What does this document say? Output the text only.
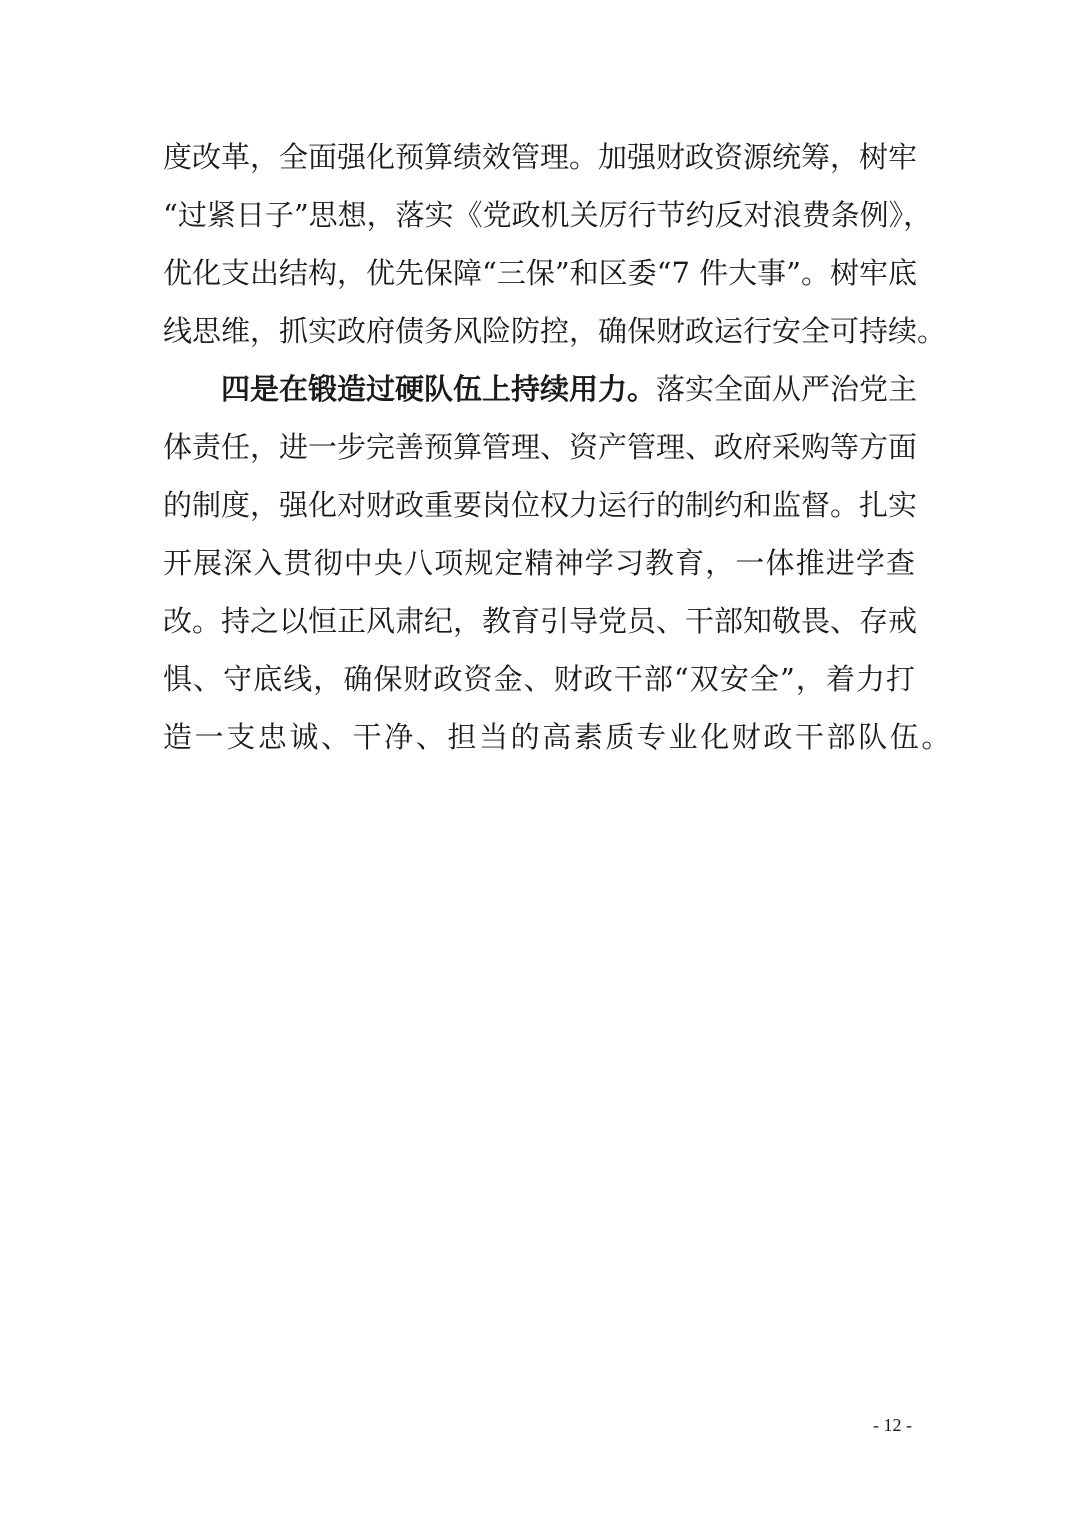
度改革，全面强化预算绩效管理。加强财政资源统筹，树牢
“过紧日子”思想，落实《党政机关厉行节约反对浪费条例》，
优化支出结构，优先保障“三保”和区委“7 件大事”。树牢底
线思维，抓实政府债务风险防控，确保财政运行安全可持续。
四是在锻造过硬队伍上持续用力。落实全面从严治党主
体责任，进一步完善预算管理、资产管理、政府采购等方面
的制度，强化对财政重要岗位权力运行的制约和监督。扎实
开展深入贯彻中央八项规定精神学习教育，一体推进学查
改。持之以恒正风肃纪，教育引导党员、干部知敬畏、存戒
惧、守底线，确保财政资金、财政干部“双安全”，着力打
造一支忠诚、干净、担当的高素质专业化财政干部队伍。
- 12 -
